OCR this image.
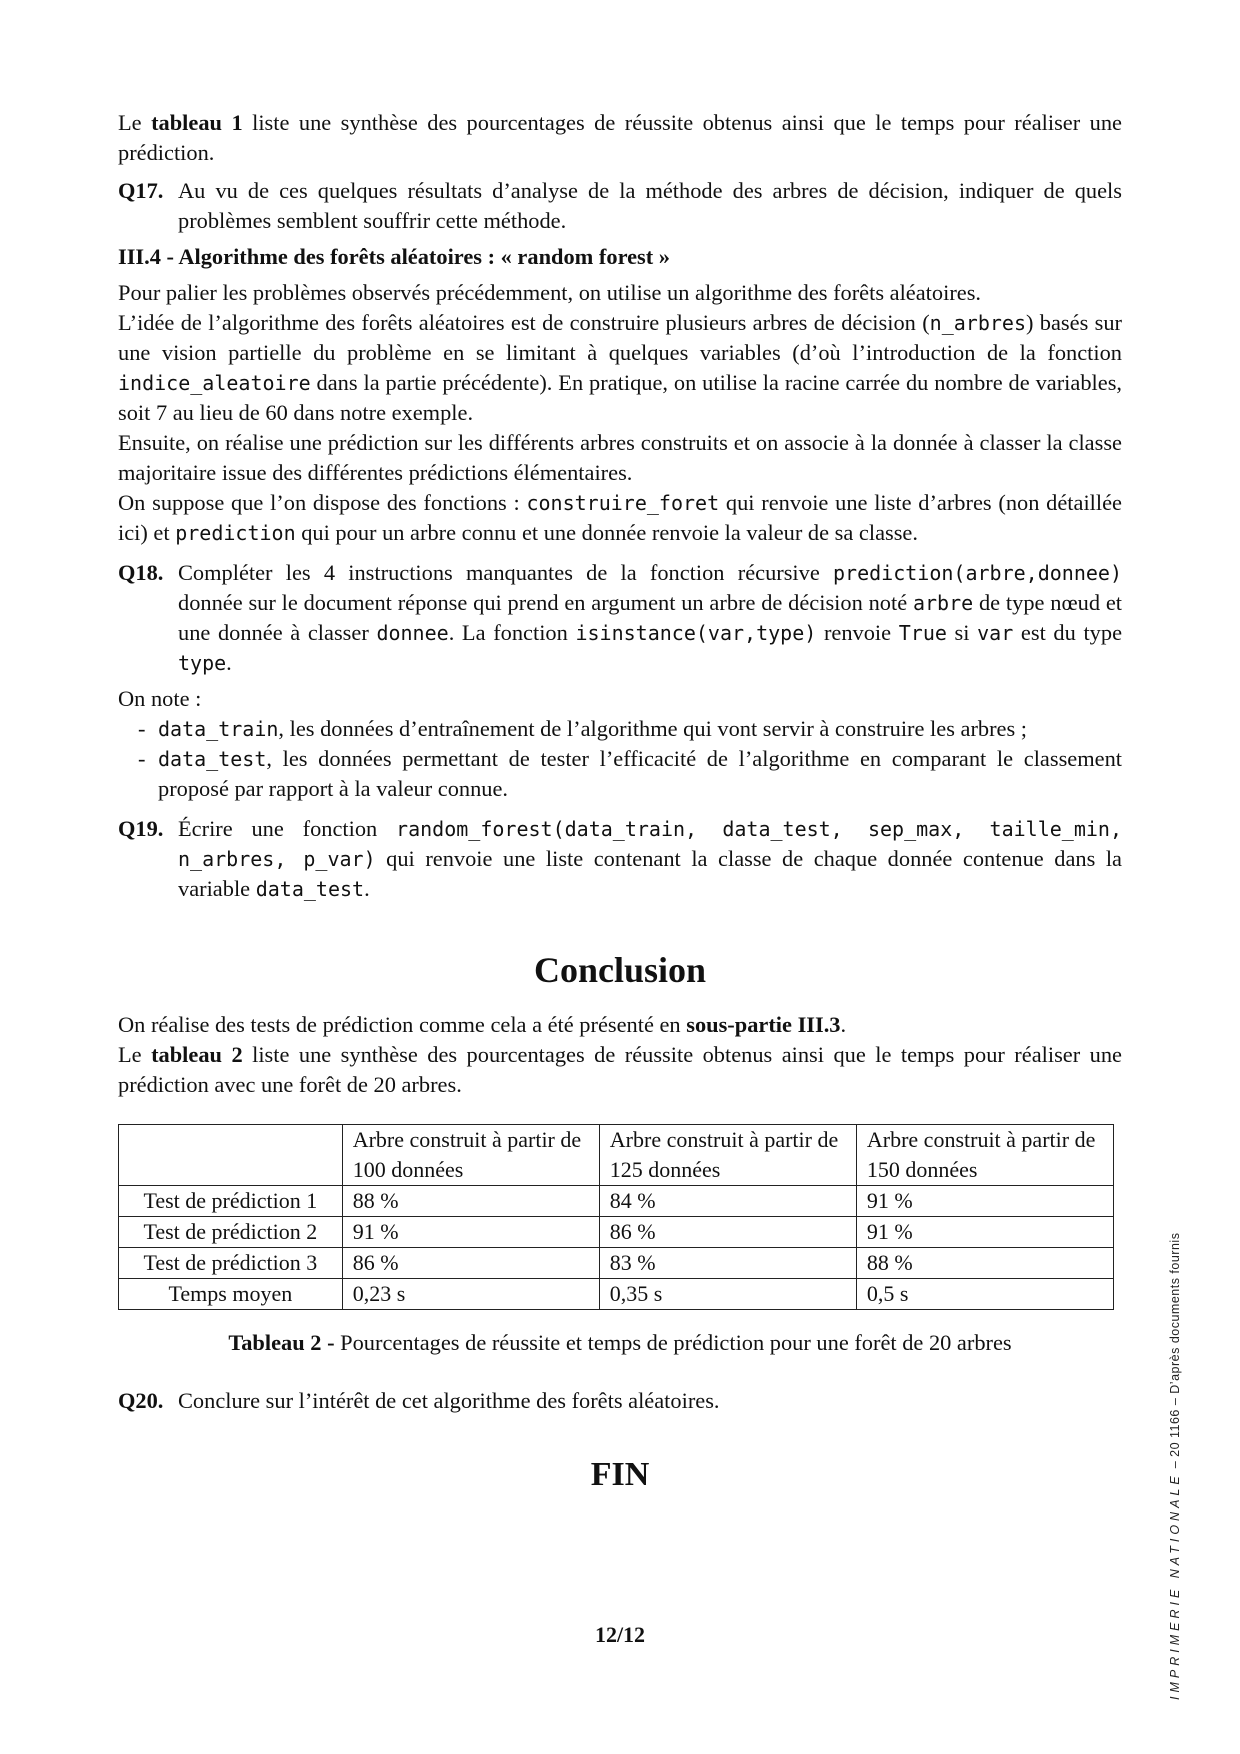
Le tableau 1 liste une synthèse des pourcentages de réussite obtenus ainsi que le temps pour réaliser une prédiction.

Q17. Au vu de ces quelques résultats d’analyse de la méthode des arbres de décision, indiquer de quels problèmes semblent souffrir cette méthode.
III.4 - Algorithme des forêts aléatoires : « random forest »

Pour palier les problèmes observés précédemment, on utilise un algorithme des forêts aléatoires.

L’idée de l’algorithme des forêts aléatoires est de construire plusieurs arbres de décision (n_arbres) basés sur une vision partielle du problème en se limitant à quelques variables (d’où l’introduction de la fonction indice_aleatoire dans la partie précédente). En pratique, on utilise la racine carrée du nombre de variables, soit 7 au lieu de 60 dans notre exemple.

Ensuite, on réalise une prédiction sur les différents arbres construits et on associe à la donnée à classer la classe majoritaire issue des différentes prédictions élémentaires.

On suppose que l’on dispose des fonctions : construire_foret qui renvoie une liste d’arbres (non détaillée ici) et prediction qui pour un arbre connu et une donnée renvoie la valeur de sa classe.

Q18. Compléter les 4 instructions manquantes de la fonction récursive prediction(arbre,donnee) donnée sur le document réponse qui prend en argument un arbre de décision noté arbre de type nœud et une donnée à classer donnee. La fonction isinstance(var,type) renvoie True si var est du type type.

On note :

- data_train, les données d’entraînement de l’algorithme qui vont servir à construire les arbres ;
- data_test, les données permettant de tester l’efficacité de l’algorithme en comparant le classement proposé par rapport à la valeur connue.
Q19. Écrire une fonction random_forest(data_train, data_test, sep_max, taille_min, n_arbres, p_var) qui renvoie une liste contenant la classe de chaque donnée contenue dans la variable data_test.
Conclusion

On réalise des tests de prédiction comme cela a été présenté en sous-partie III.3.

Le tableau 2 liste une synthèse des pourcentages de réussite obtenus ainsi que le temps pour réaliser une prédiction avec une forêt de 20 arbres.

	Arbre construit à partir de 100 données	Arbre construit à partir de 125 données	Arbre construit à partir de 150 données
Test de prédiction 1	88 %	84 %	91 %
Test de prédiction 2	91 %	86 %	91 %
Test de prédiction 3	86 %	83 %	88 %
Temps moyen	0,23 s	0,35 s	0,5 s

Tableau 2 - Pourcentages de réussite et temps de prédiction pour une forêt de 20 arbres

Q20. Conclure sur l’intérêt de cet algorithme des forêts aléatoires.
FIN
12/12	IMPRIMERIE NATIONALE – 20 1166 – D’après documents fournis
